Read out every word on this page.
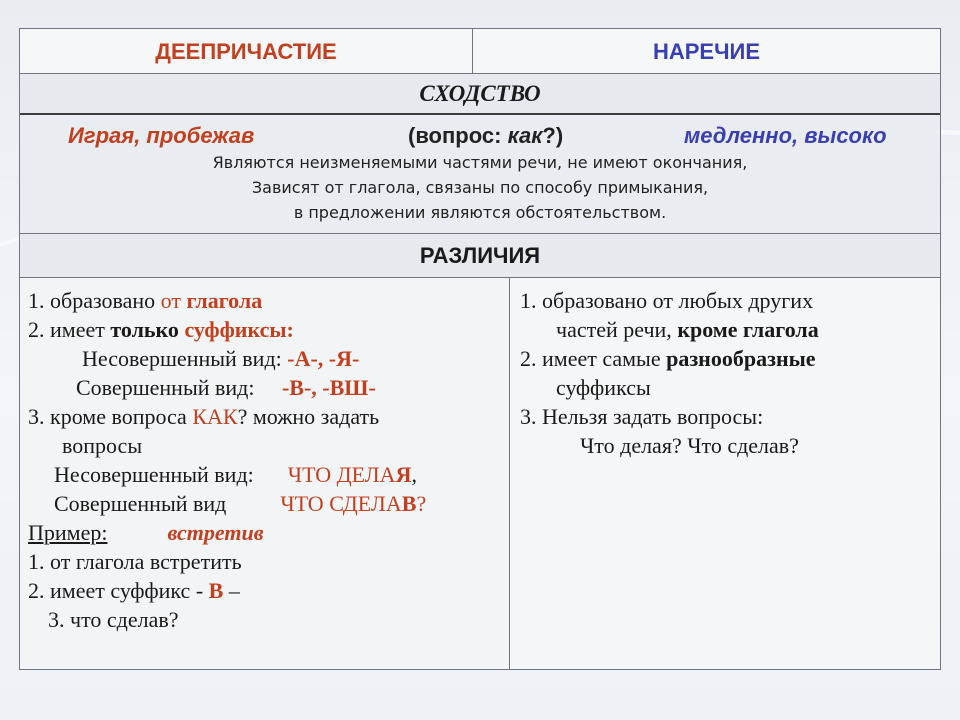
ДЕЕПРИЧАСТИЕ	НАРЕЧИЕ
СХОДСТВО
Играя, пробежав	(вопрос: как?)	медленно, высоко
Являются неизменяемыми частями речи, не имеют окончания,
Зависят от глагола, связаны по способу примыкания,
в предложении являются обстоятельством.
РАЗЛИЧИЯ
1. образовано от глагола
2. имеет только суффиксы:
Несовершенный вид: -А-, -Я-
Совершенный вид: -В-, -ВШ-
3. кроме вопроса КАК? можно задать
вопросы
Несовершенный вид: ЧТО ДЕЛАЯ,
Совершенный вид ЧТО СДЕЛАВ?
Пример:	встретив
1. от глагола встретить
2. имеет суффикс - В –
3. что сделав?
1. образовано от любых других
частей речи, кроме глагола
2. имеет самые разнообразные
суффиксы
3. Нельзя задать вопросы:
Что делая? Что сделав?
